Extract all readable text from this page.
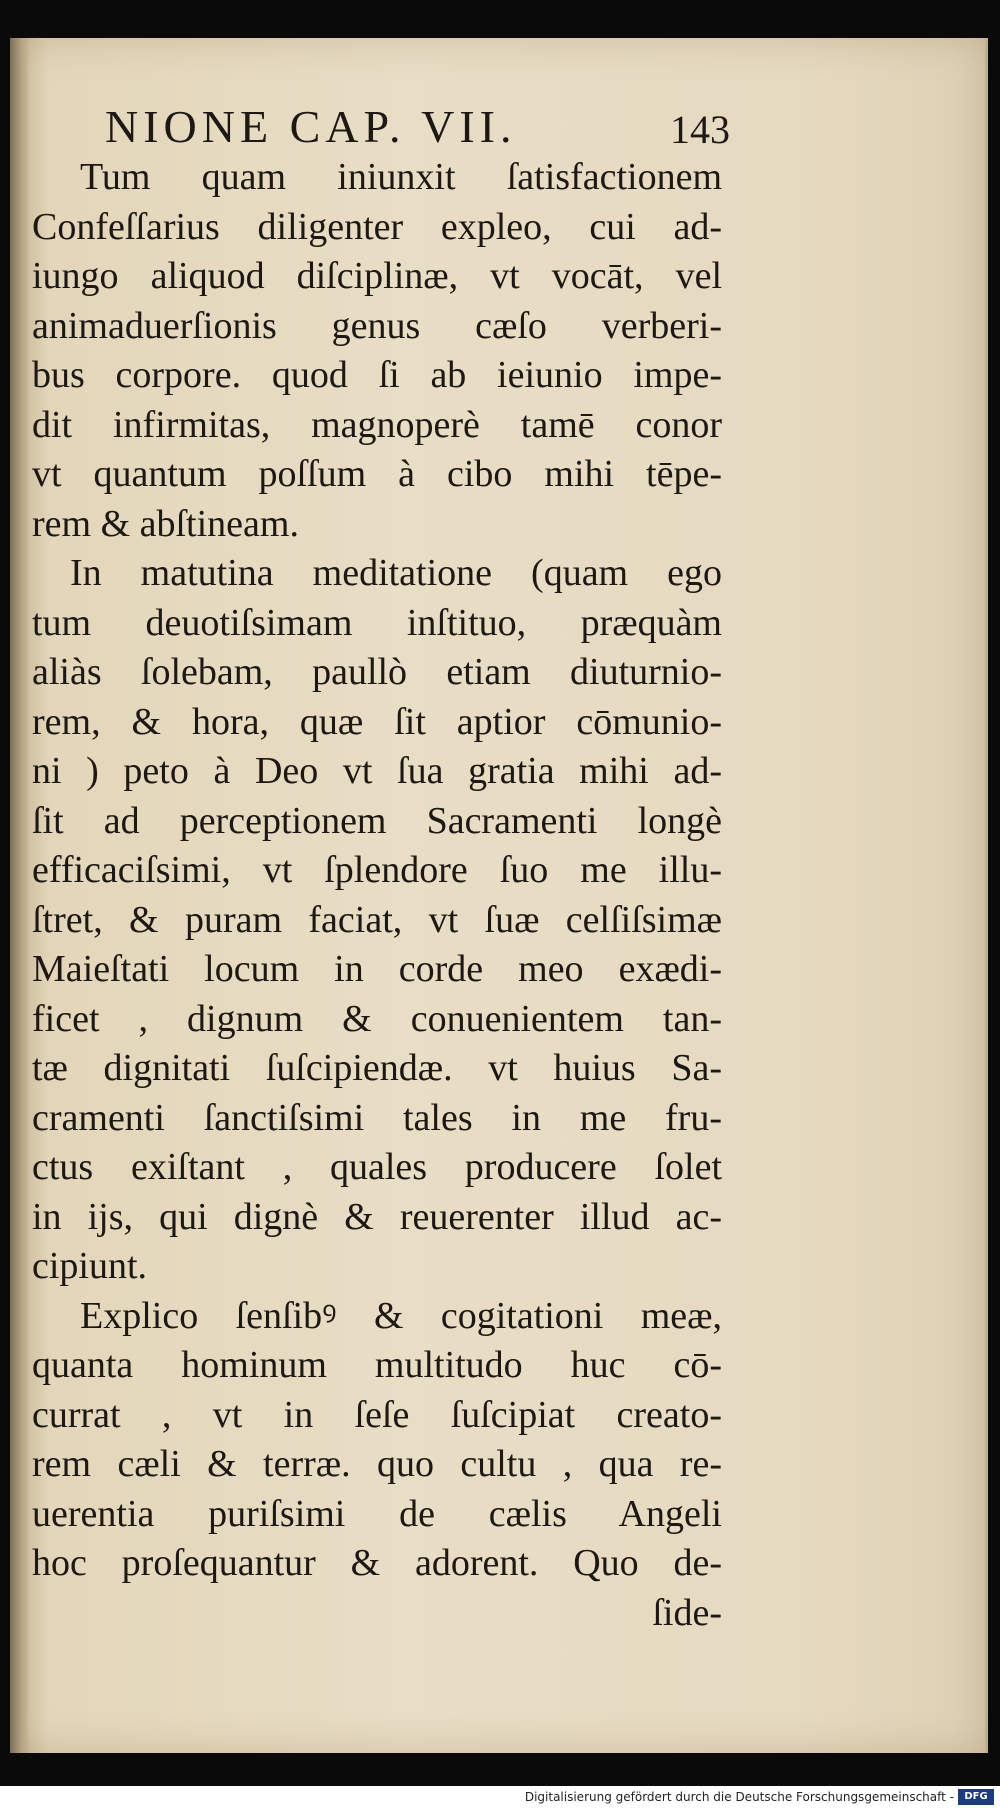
NIONE CAP. VII.	143
Tum quam iniunxit ſatisfactionem
Confeſſarius diligenter expleo, cui ad-
iungo aliquod diſciplinæ, vt vocāt, vel
animaduerſionis genus cæſo verberi-
bus corpore. quod ſi ab ieiunio impe-
dit infirmitas, magnoperè tamē conor
vt quantum poſſum à cibo mihi tēpe-
rem & abſtineam.
In matutina meditatione (quam ego
tum deuotiſsimam inſtituo, præquàm
aliàs ſolebam, paullò etiam diuturnio-
rem, & hora, quæ ſit aptior cōmunio-
ni ) peto à Deo vt ſua gratia mihi ad-
ſit ad perceptionem Sacramenti longè
efficaciſsimi, vt ſplendore ſuo me illu-
ſtret, & puram faciat, vt ſuæ celſiſsimæ
Maieſtati locum in corde meo exædi-
ficet , dignum & conuenientem tan-
tæ dignitati ſuſcipiendæ. vt huius Sa-
cramenti ſanctiſsimi tales in me fru-
ctus exiſtant , quales producere ſolet
in ijs, qui dignè & reuerenter illud ac-
cipiunt.
Explico ſenſibꝰ & cogitationi meæ,
quanta hominum multitudo huc cō-
currat , vt in ſeſe ſuſcipiat creato-
rem cæli & terræ. quo cultu , qua re-
uerentia puriſsimi de cælis Angeli
hoc proſequantur & adorent. Quo de-
ſide-
Digitalisierung gefördert durch die Deutsche Forschungsgemeinschaft -	DFG
